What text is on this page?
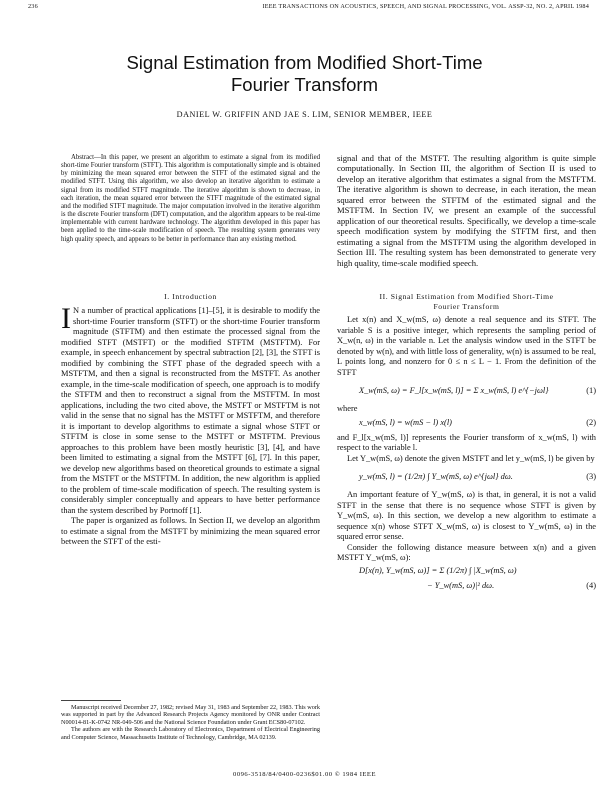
236	IEEE TRANSACTIONS ON ACOUSTICS, SPEECH, AND SIGNAL PROCESSING, VOL. ASSP-32, NO. 2, APRIL 1984
Signal Estimation from Modified Short-Time
Fourier Transform
DANIEL W. GRIFFIN AND JAE S. LIM, SENIOR MEMBER, IEEE

Abstract—In this paper, we present an algorithm to estimate a signal from its modified short-time Fourier transform (STFT). This algorithm is computationally simple and is obtained by minimizing the mean squared error between the STFT of the estimated signal and the modified STFT. Using this algorithm, we also develop an iterative algorithm to estimate a signal from its modified STFT magnitude. The iterative algorithm is shown to decrease, in each iteration, the mean squared error between the STFT magnitude of the estimated signal and the modified STFT magnitude. The major computation involved in the iterative algorithm is the discrete Fourier transform (DFT) computation, and the algorithm appears to be real-time implementable with current hardware technology. The algorithm developed in this paper has been applied to the time-scale modification of speech. The resulting system generates very high quality speech, and appears to be better in performance than any existing method.

I. Introduction

I N a number of practical applications [1]–[5], it is desirable to modify the short-time Fourier transform (STFT) or the short-time Fourier transform magnitude (STFTM) and then estimate the processed signal from the modified STFT (MSTFT) or the modified STFTM (MSTFTM). For example, in speech enhancement by spectral subtraction [2], [3], the STFT is modified by combining the STFT phase of the degraded speech with a MSTFTM, and then a signal is reconstructed from the MSTFT. As another example, in the time-scale modification of speech, one approach is to modify the STFTM and then to reconstruct a signal from the MSTFTM. In most applications, including the two cited above, the MSTFT or MSTFTM is not valid in the sense that no signal has the MSTFT or MSTFTM, and therefore it is important to develop algorithms to estimate a signal whose STFT or STFTM is close in some sense to the MSTFT or MSTFTM. Previous approaches to this problem have been mostly heuristic [3], [4], and have been limited to estimating a signal from the MSTFT [6], [7]. In this paper, we develop new algorithms based on theoretical grounds to estimate a signal from the MSTFT or the MSTFTM. In addition, the new algorithm is applied to the problem of time-scale modification of speech. The resulting system is considerably simpler conceptually and appears to have better performance than the system described by Portnoff [1].

The paper is organized as follows. In Section II, we develop an algorithm to estimate a signal from the MSTFT by minimizing the mean squared error between the STFT of the esti-

Manuscript received December 27, 1982; revised May 31, 1983 and September 22, 1983. This work was supported in part by the Advanced Research Projects Agency monitored by ONR under Contract N00014-81-K-0742 NR-049-506 and the National Science Foundation under Grant ECS80-07102.

The authors are with the Research Laboratory of Electronics, Department of Electrical Engineering and Computer Science, Massachusetts Institute of Technology, Cambridge, MA 02139.

signal and that of the MSTFT. The resulting algorithm is quite simple computationally. In Section III, the algorithm of Section II is used to develop an iterative algorithm that estimates a signal from the MSTFTM. The iterative algorithm is shown to decrease, in each iteration, the mean squared error between the STFTM of the estimated signal and the MSTFTM. In Section IV, we present an example of the successful application of our theoretical results. Specifically, we develop a time-scale speech modification system by modifying the STFTM first, and then estimating a signal from the MSTFTM using the algorithm developed in Section III. The resulting system has been demonstrated to generate very high quality, time-scale modified speech.

II. Signal Estimation from Modified Short-Time
Fourier Transform

Let x(n) and X_w(mS, ω) denote a real sequence and its STFT. The variable S is a positive integer, which represents the sampling period of X_w(n, ω) in the variable n. Let the analysis window used in the STFT be denoted by w(n), and with little loss of generality, w(n) is assumed to be real, L points long, and nonzero for 0 ≤ n ≤ L − 1. From the definition of the STFT

X_w(mS, ω) = F_l[x_w(mS, l)] = Σ x_w(mS, l) e^{−jωl}	(1)

where

x_w(mS, l) = w(mS − l) x(l)	(2)

and F_l[x_w(mS, l)] represents the Fourier transform of x_w(mS, l) with respect to the variable l.

Let Y_w(mS, ω) denote the given MSTFT and let y_w(mS, l) be given by

y_w(mS, l) = (1/2π) ∫ Y_w(mS, ω) e^{jωl} dω.	(3)

An important feature of Y_w(mS, ω) is that, in general, it is not a valid STFT in the sense that there is no sequence whose STFT is given by Y_w(mS, ω). In this section, we develop a new algorithm to estimate a sequence x(n) whose STFT X_w(mS, ω) is closest to Y_w(mS, ω) in the squared error sense.

Consider the following distance measure between x(n) and a given MSTFT Y_w(mS, ω):

D[x(n), Y_w(mS, ω)] = Σ (1/2π) ∫ |X_w(mS, ω)
− Y_w(mS, ω)|² dω.	(4)
0096-3518/84/0400-0236$01.00 © 1984 IEEE
